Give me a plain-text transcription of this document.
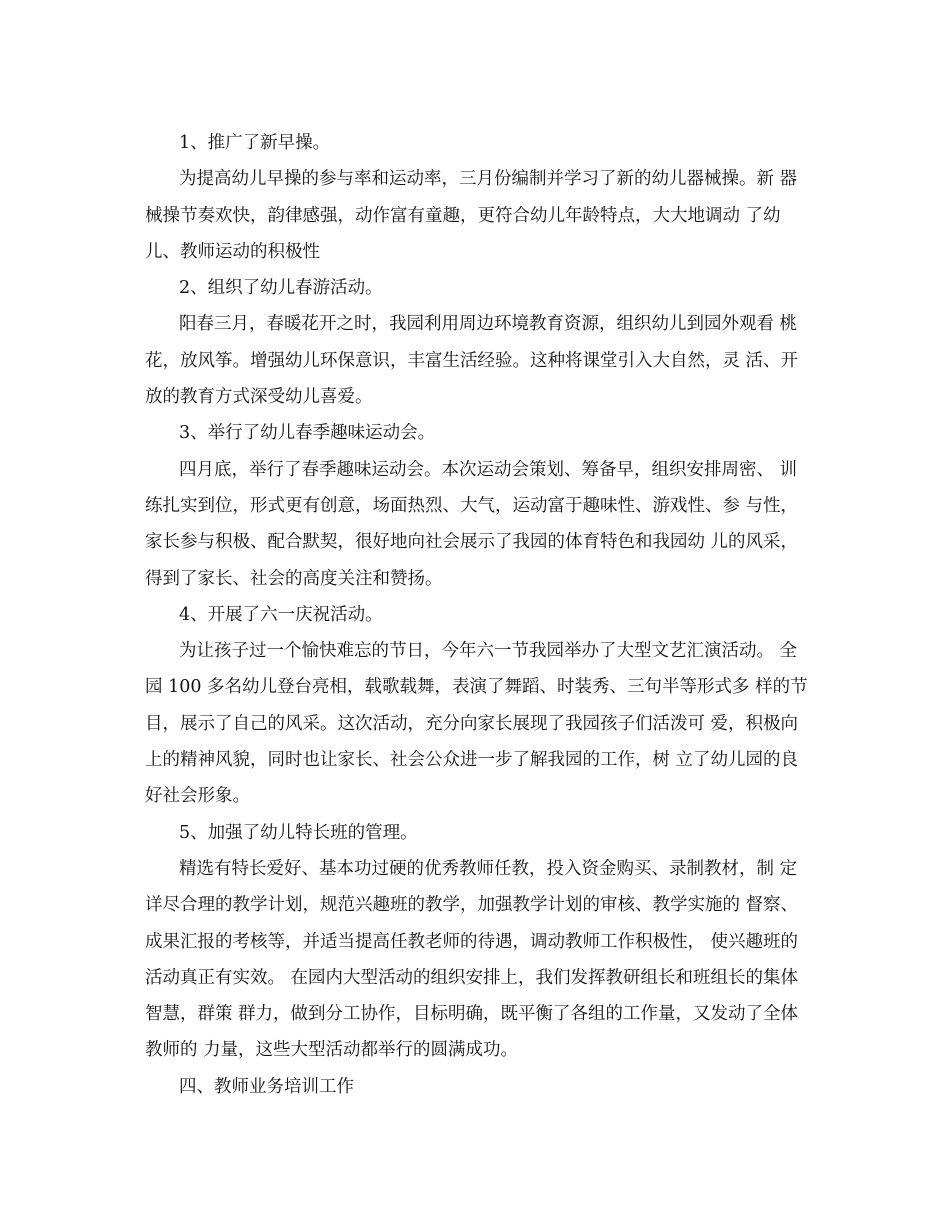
1、推广了新早操。

为提高幼儿早操的参与率和运动率，三月份编制并学习了新的幼儿器械操。新 器械操节奏欢快，韵律感强，动作富有童趣，更符合幼儿年龄特点，大大地调动 了幼儿、教师运动的积极性

2、组织了幼儿春游活动。

阳春三月，春暖花开之时，我园利用周边环境教育资源，组织幼儿到园外观看 桃花，放风筝。增强幼儿环保意识，丰富生活经验。这种将课堂引入大自然，灵 活、开放的教育方式深受幼儿喜爱。

3、举行了幼儿春季趣味运动会。

四月底，举行了春季趣味运动会。本次运动会策划、筹备早，组织安排周密、 训练扎实到位，形式更有创意，场面热烈、大气，运动富于趣味性、游戏性、参 与性，家长参与积极、配合默契，很好地向社会展示了我园的体育特色和我园幼 儿的风采，得到了家长、社会的高度关注和赞扬。

4、开展了六一庆祝活动。

为让孩子过一个愉快难忘的节日，今年六一节我园举办了大型文艺汇演活动。 全园 100 多名幼儿登台亮相，载歌载舞，表演了舞蹈、时装秀、三句半等形式多 样的节目，展示了自己的风采。这次活动，充分向家长展现了我园孩子们活泼可 爱，积极向上的精神风貌，同时也让家长、社会公众进一步了解我园的工作，树 立了幼儿园的良好社会形象。

5、加强了幼儿特长班的管理。

精选有特长爱好、基本功过硬的优秀教师任教，投入资金购买、录制教材，制 定详尽合理的教学计划，规范兴趣班的教学，加强教学计划的审核、教学实施的 督察、成果汇报的考核等，并适当提高任教老师的待遇，调动教师工作积极性， 使兴趣班的活动真正有实效。 在园内大型活动的组织安排上，我们发挥教研组长和班组长的集体智慧，群策 群力，做到分工协作，目标明确，既平衡了各组的工作量，又发动了全体教师的 力量，这些大型活动都举行的圆满成功。

四、教师业务培训工作
